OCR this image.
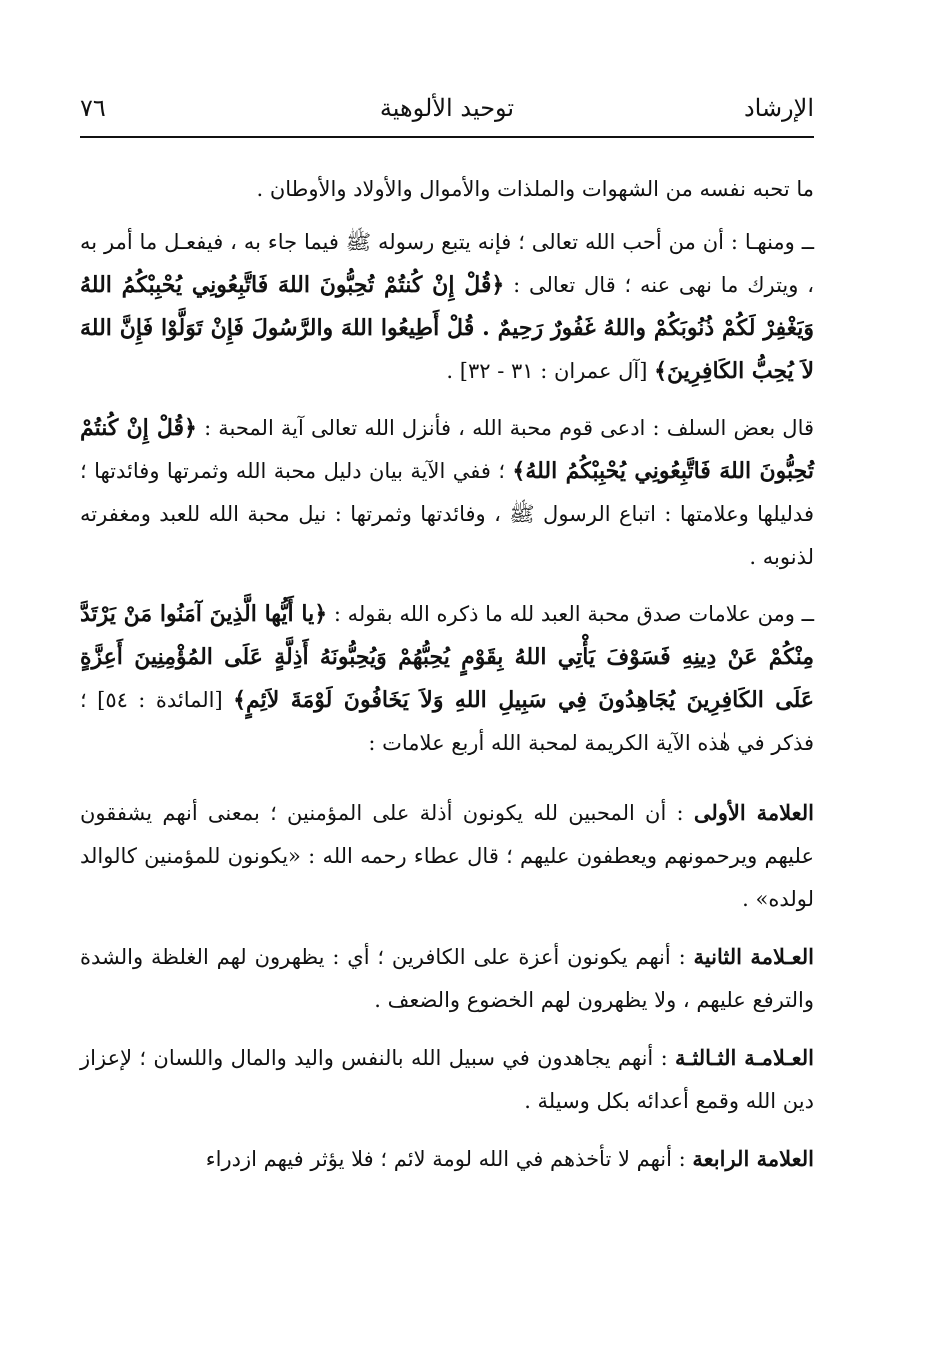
٧٦	توحيد الألوهية	الإرشاد

ما تحبه نفسه من الشهوات والملذات والأموال والأولاد والأوطان .

ــ ومنهـا : أن من أحب الله تعالى ؛ فإنه يتبع رسوله ﷺ فيما جاء به ، فيفعـل ما أمر به ، ويترك ما نهى عنه ؛ قال تعالى : ﴿قُلْ إِنْ كُنتُمْ تُحِبُّونَ اللهَ فَاتَّبِعُونِي يُحْبِبْكُمُ اللهُ وَيَغْفِرْ لَكُمْ ذُنُوبَكُمْ واللهُ غَفُورٌ رَحِيمٌ . قُلْ أَطِيعُوا اللهَ والرَّسُولَ فَإِنْ تَوَلَّوْا فَإِنَّ اللهَ لاَ يُحِبُّ الكَافِرِينَ﴾ [آل عمران : ٣١ - ٣٢] .

قال بعض السلف : ادعى قوم محبة الله ، فأنزل الله تعالى آية المحبة : ﴿قُلْ إِنْ كُنتُمْ تُحِبُّونَ اللهَ فَاتَّبِعُونِي يُحْبِبْكُمُ اللهُ﴾ ؛ ففي الآية بيان دليل محبة الله وثمرتها وفائدتها ؛ فدليلها وعلامتها : اتباع الرسول ﷺ ، وفائدتها وثمرتها : نيل محبة الله للعبد ومغفرته لذنوبه .

ــ ومن علامات صدق محبة العبد لله ما ذكره الله بقوله : ﴿يا أَيُّها الَّذِينَ آمَنُوا مَنْ يَرْتَدَّ مِنْكُمْ عَنْ دِينِهِ فَسَوْفَ يَأْتِي اللهُ بِقَوْمٍ يُحِبُّهُمْ وَيُحِبُّونَهُ أَذِلَّةٍ عَلَى المُؤْمِنِينَ أَعِزَّةٍ عَلَى الكَافِرِينَ يُجَاهِدُونَ فِي سَبِيلِ اللهِ وَلاَ يَخَافُونَ لَوْمَةَ لاَئِمٍ﴾ [المائدة : ٥٤] ؛ فذكر في هٰذه الآية الكريمة لمحبة الله أربع علامات :

العلامة الأولى : أن المحبين لله يكونون أذلة على المؤمنين ؛ بمعنى أنهم يشفقون عليهم ويرحمونهم ويعطفون عليهم ؛ قال عطاء رحمه الله : «يكونون للمؤمنين كالوالد لولده» .

العـلامة الثانية : أنهم يكونون أعزة على الكافرين ؛ أي : يظهرون لهم الغلظة والشدة والترفع عليهم ، ولا يظهرون لهم الخضوع والضعف .

العـلامـة الثـالثـة : أنهم يجاهدون في سبيل الله بالنفس واليد والمال واللسان ؛ لإعزاز دين الله وقمع أعدائه بكل وسيلة .

العلامة الرابعة : أنهم لا تأخذهم في الله لومة لائم ؛ فلا يؤثر فيهم ازدراء
